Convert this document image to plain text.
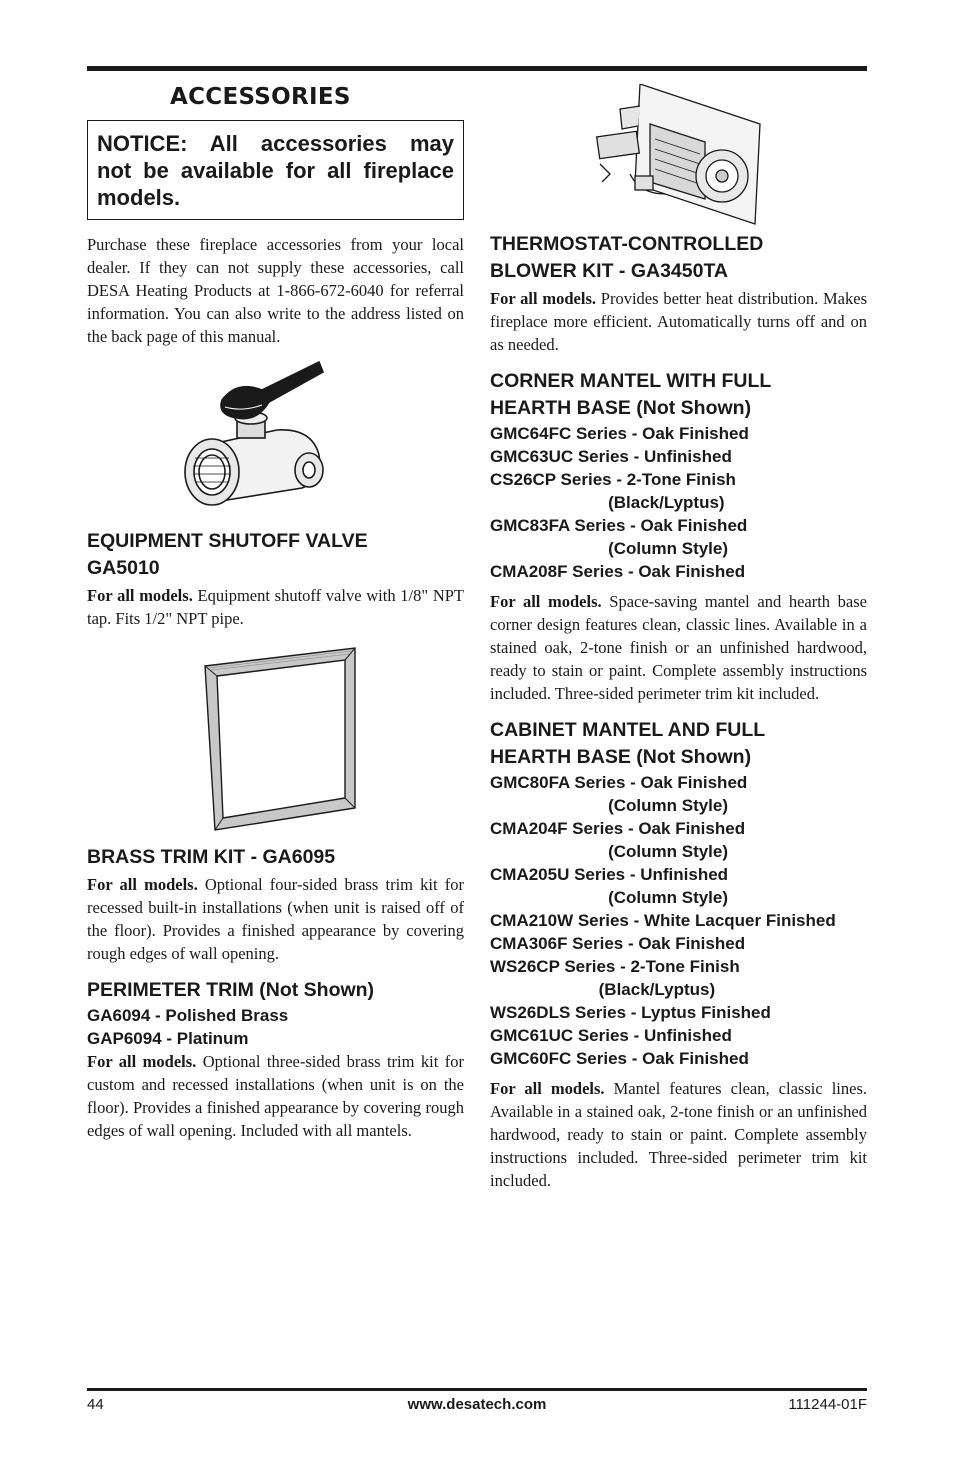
ACCESSORIES
NOTICE: All accessories may
not be available for all fireplace
models.

Purchase these fireplace accessories from your local dealer. If they can not supply these accessories, call DESA Heating Products at 1-866-672-6040 for referral information. You can also write to the address listed on the back page of this manual.

EQUIPMENT SHUTOFF VALVE
GA5010

For all models. Equipment shutoff valve with 1/8" NPT tap. Fits 1/2" NPT pipe.

BRASS TRIM KIT - GA6095

For all models. Optional four-sided brass trim kit for recessed built-in installations (when unit is raised off of the floor). Provides a finished appearance by covering rough edges of wall opening.

PERIMETER TRIM (Not Shown)
GA6094 - Polished Brass
GAP6094 - Platinum

For all models. Optional three-sided brass trim kit for custom and recessed installations (when unit is on the floor). Provides a finished appearance by covering rough edges of wall opening. Included with all mantels.

THERMOSTAT-CONTROLLED
BLOWER KIT - GA3450TA

For all models. Provides better heat distribution. Makes fireplace more efficient. Automatically turns off and on as needed.

CORNER MANTEL WITH FULL
HEARTH BASE (Not Shown)
GMC64FC Series - Oak Finished
GMC63UC Series - Unfinished
CS26CP Series - 2-Tone Finish
(Black/Lyptus)
GMC83FA Series - Oak Finished
(Column Style)
CMA208F Series - Oak Finished

For all models. Space-saving mantel and hearth base corner design features clean, classic lines. Available in a stained oak, 2-tone finish or an unfinished hardwood, ready to stain or paint. Complete assembly instructions included. Three-sided perimeter trim kit included.

CABINET MANTEL AND FULL
HEARTH BASE (Not Shown)
GMC80FA Series - Oak Finished
(Column Style)
CMA204F Series - Oak Finished
(Column Style)
CMA205U Series - Unfinished
(Column Style)
CMA210W Series - White Lacquer Finished
CMA306F Series - Oak Finished
WS26CP Series - 2-Tone Finish
(Black/Lyptus)
WS26DLS Series - Lyptus Finished
GMC61UC Series - Unfinished
GMC60FC Series - Oak Finished

For all models. Mantel features clean, classic lines. Available in a stained oak, 2-tone finish or an unfinished hardwood, ready to stain or paint. Complete assembly instructions included. Three-sided perimeter trim kit included.

44	www.desatech.com	111244-01F
